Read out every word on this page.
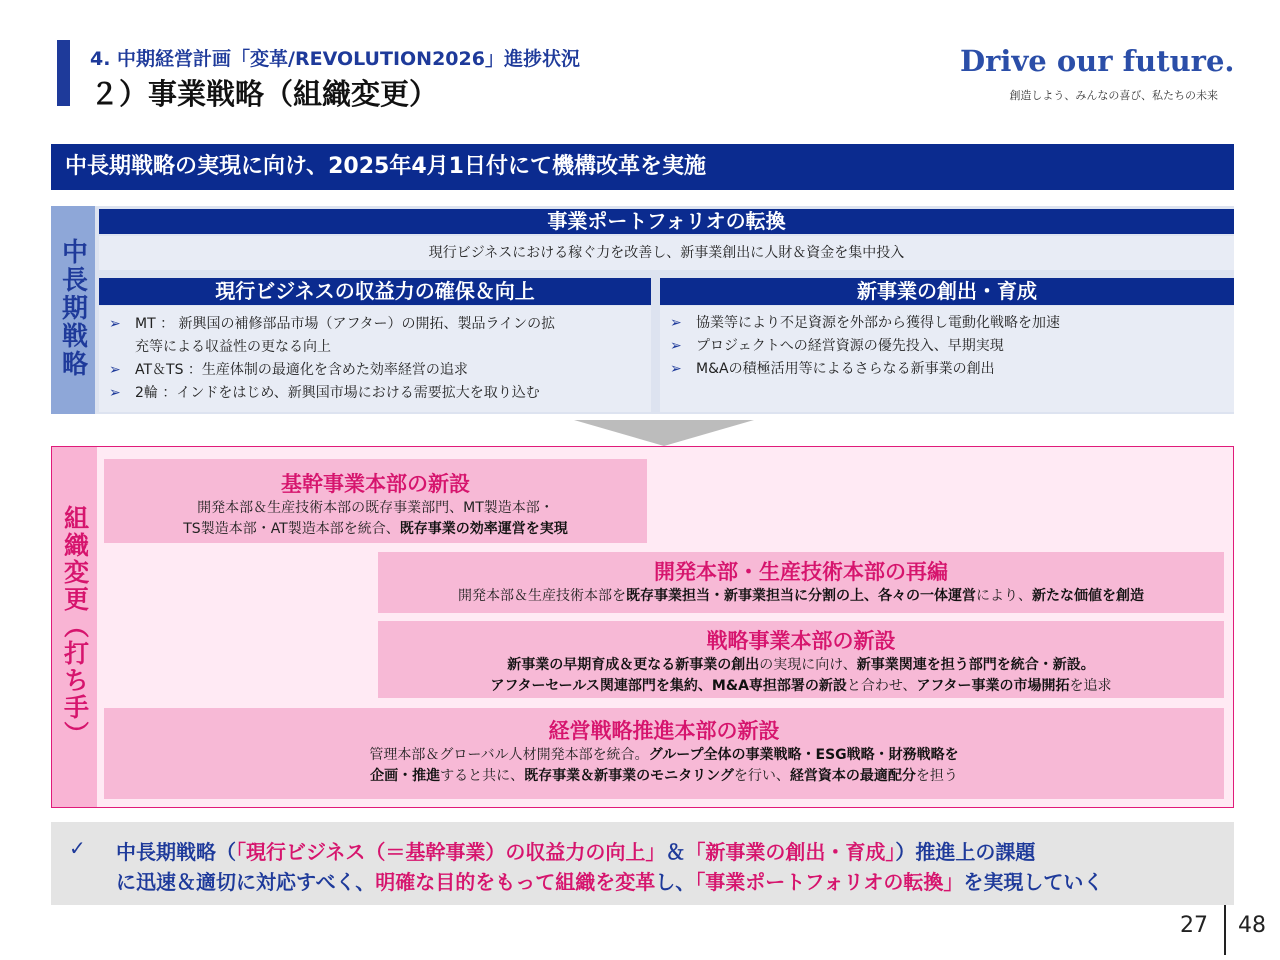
4. 中期経営計画「変革/REVOLUTION2026」進捗状況
２）事業戦略（組織変更）
Drive our future.
創造しよう、みんなの喜び、私たちの未来
中長期戦略の実現に向け、2025年4月1日付にて機構改革を実施
中長期戦略
事業ポートフォリオの転換
現行ビジネスにおける稼ぐ力を改善し、新事業創出に人財＆資金を集中投入
現行ビジネスの収益力の確保＆向上
➢ MT ： 新興国の補修部品市場（アフター）の開拓、製品ラインの拡
充等による収益性の更なる向上
➢ AT＆TS ：生産体制の最適化を含めた効率経営の追求
➢ 2輪 ：インドをはじめ、新興国市場における需要拡大を取り込む
新事業の創出・育成
➢ 協業等により不足資源を外部から獲得し電動化戦略を加速
➢ プロジェクトへの経営資源の優先投入、早期実現
➢ M&Aの積極活用等によるさらなる新事業の創出
組織変更（打ち手）
基幹事業本部の新設
開発本部＆生産技術本部の既存事業部門、MT製造本部・
TS製造本部・AT製造本部を統合、既存事業の効率運営を実現
開発本部・生産技術本部の再編
開発本部＆生産技術本部を既存事業担当・新事業担当に分割の上、各々の一体運営により、新たな価値を創造
戦略事業本部の新設
新事業の早期育成＆更なる新事業の創出の実現に向け、新事業関連を担う部門を統合・新設。
アフターセールス関連部門を集約、M&A専担部署の新設と合わせ、アフター事業の市場開拓を追求
経営戦略推進本部の新設
管理本部＆グローバル人材開発本部を統合。グループ全体の事業戦略・ESG戦略・財務戦略を
企画・推進すると共に、既存事業＆新事業のモニタリングを行い、経営資本の最適配分を担う
✓ 中長期戦略（「現行ビジネス（＝基幹事業）の収益力の向上」＆「新事業の創出・育成」）推進上の課題
に迅速＆適切に対応すべく、明確な目的をもって組織を変革し、「事業ポートフォリオの転換」を実現していく
27 48
